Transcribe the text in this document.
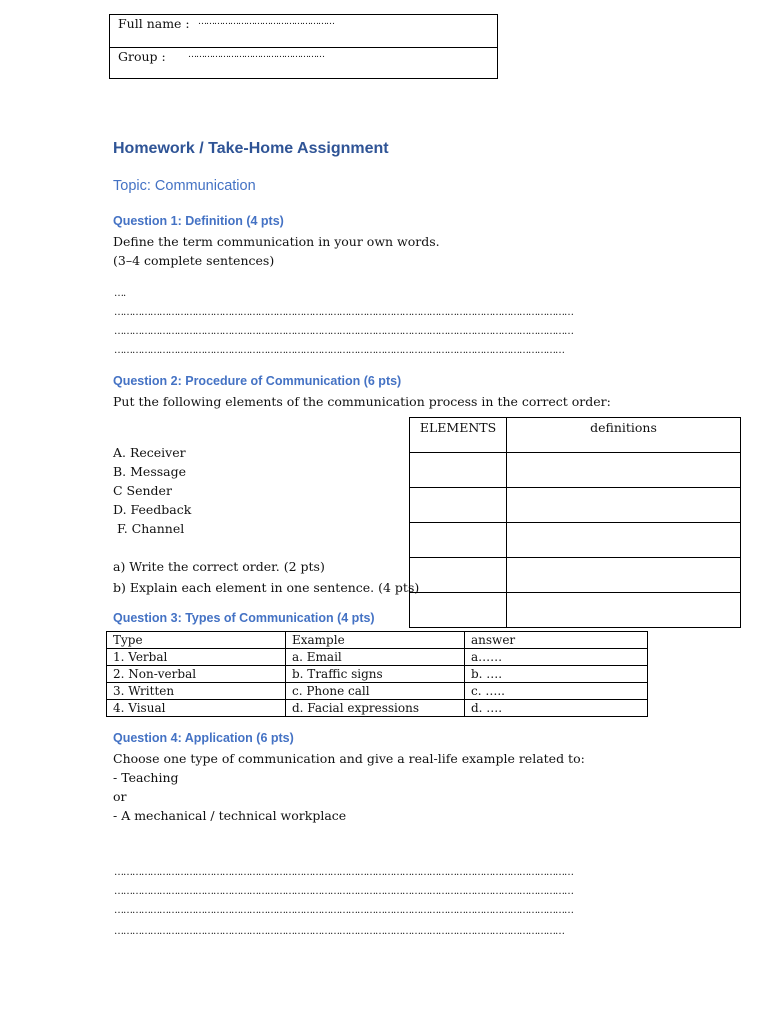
Full name : ……………………………………………
Group : ……………………………………………
Homework / Take-Home Assignment
Topic: Communication
Question 1: Definition (4 pts)
Define the term communication in your own words.
(3–4 complete sentences)
….
………………………………………………………………………………………………………………………………………
………………………………………………………………………………………………………………………………………
……………………………………………………………………………………………………………………………………
Question 2: Procedure of Communication (6 pts)
Put the following elements of the communication process in the correct order:
A. Receiver
B. Message
C Sender
D. Feedback
F. Channel
a) Write the correct order. (2 pts)
b) Explain each element in one sentence. (4 pts)
ELEMENTS	definitions

Question 3: Types of Communication (4 pts)
Type	Example	answer
1. Verbal	a. Email	a……
2. Non-verbal	b. Traffic signs	b. ….
3. Written	c. Phone call	c. …..
4. Visual	d. Facial expressions	d. ….
Question 4: Application (6 pts)
Choose one type of communication and give a real-life example related to:
- Teaching
or
- A mechanical / technical workplace
………………………………………………………………………………………………………………………………………
………………………………………………………………………………………………………………………………………
………………………………………………………………………………………………………………………………………
……………………………………………………………………………………………………………………………………
